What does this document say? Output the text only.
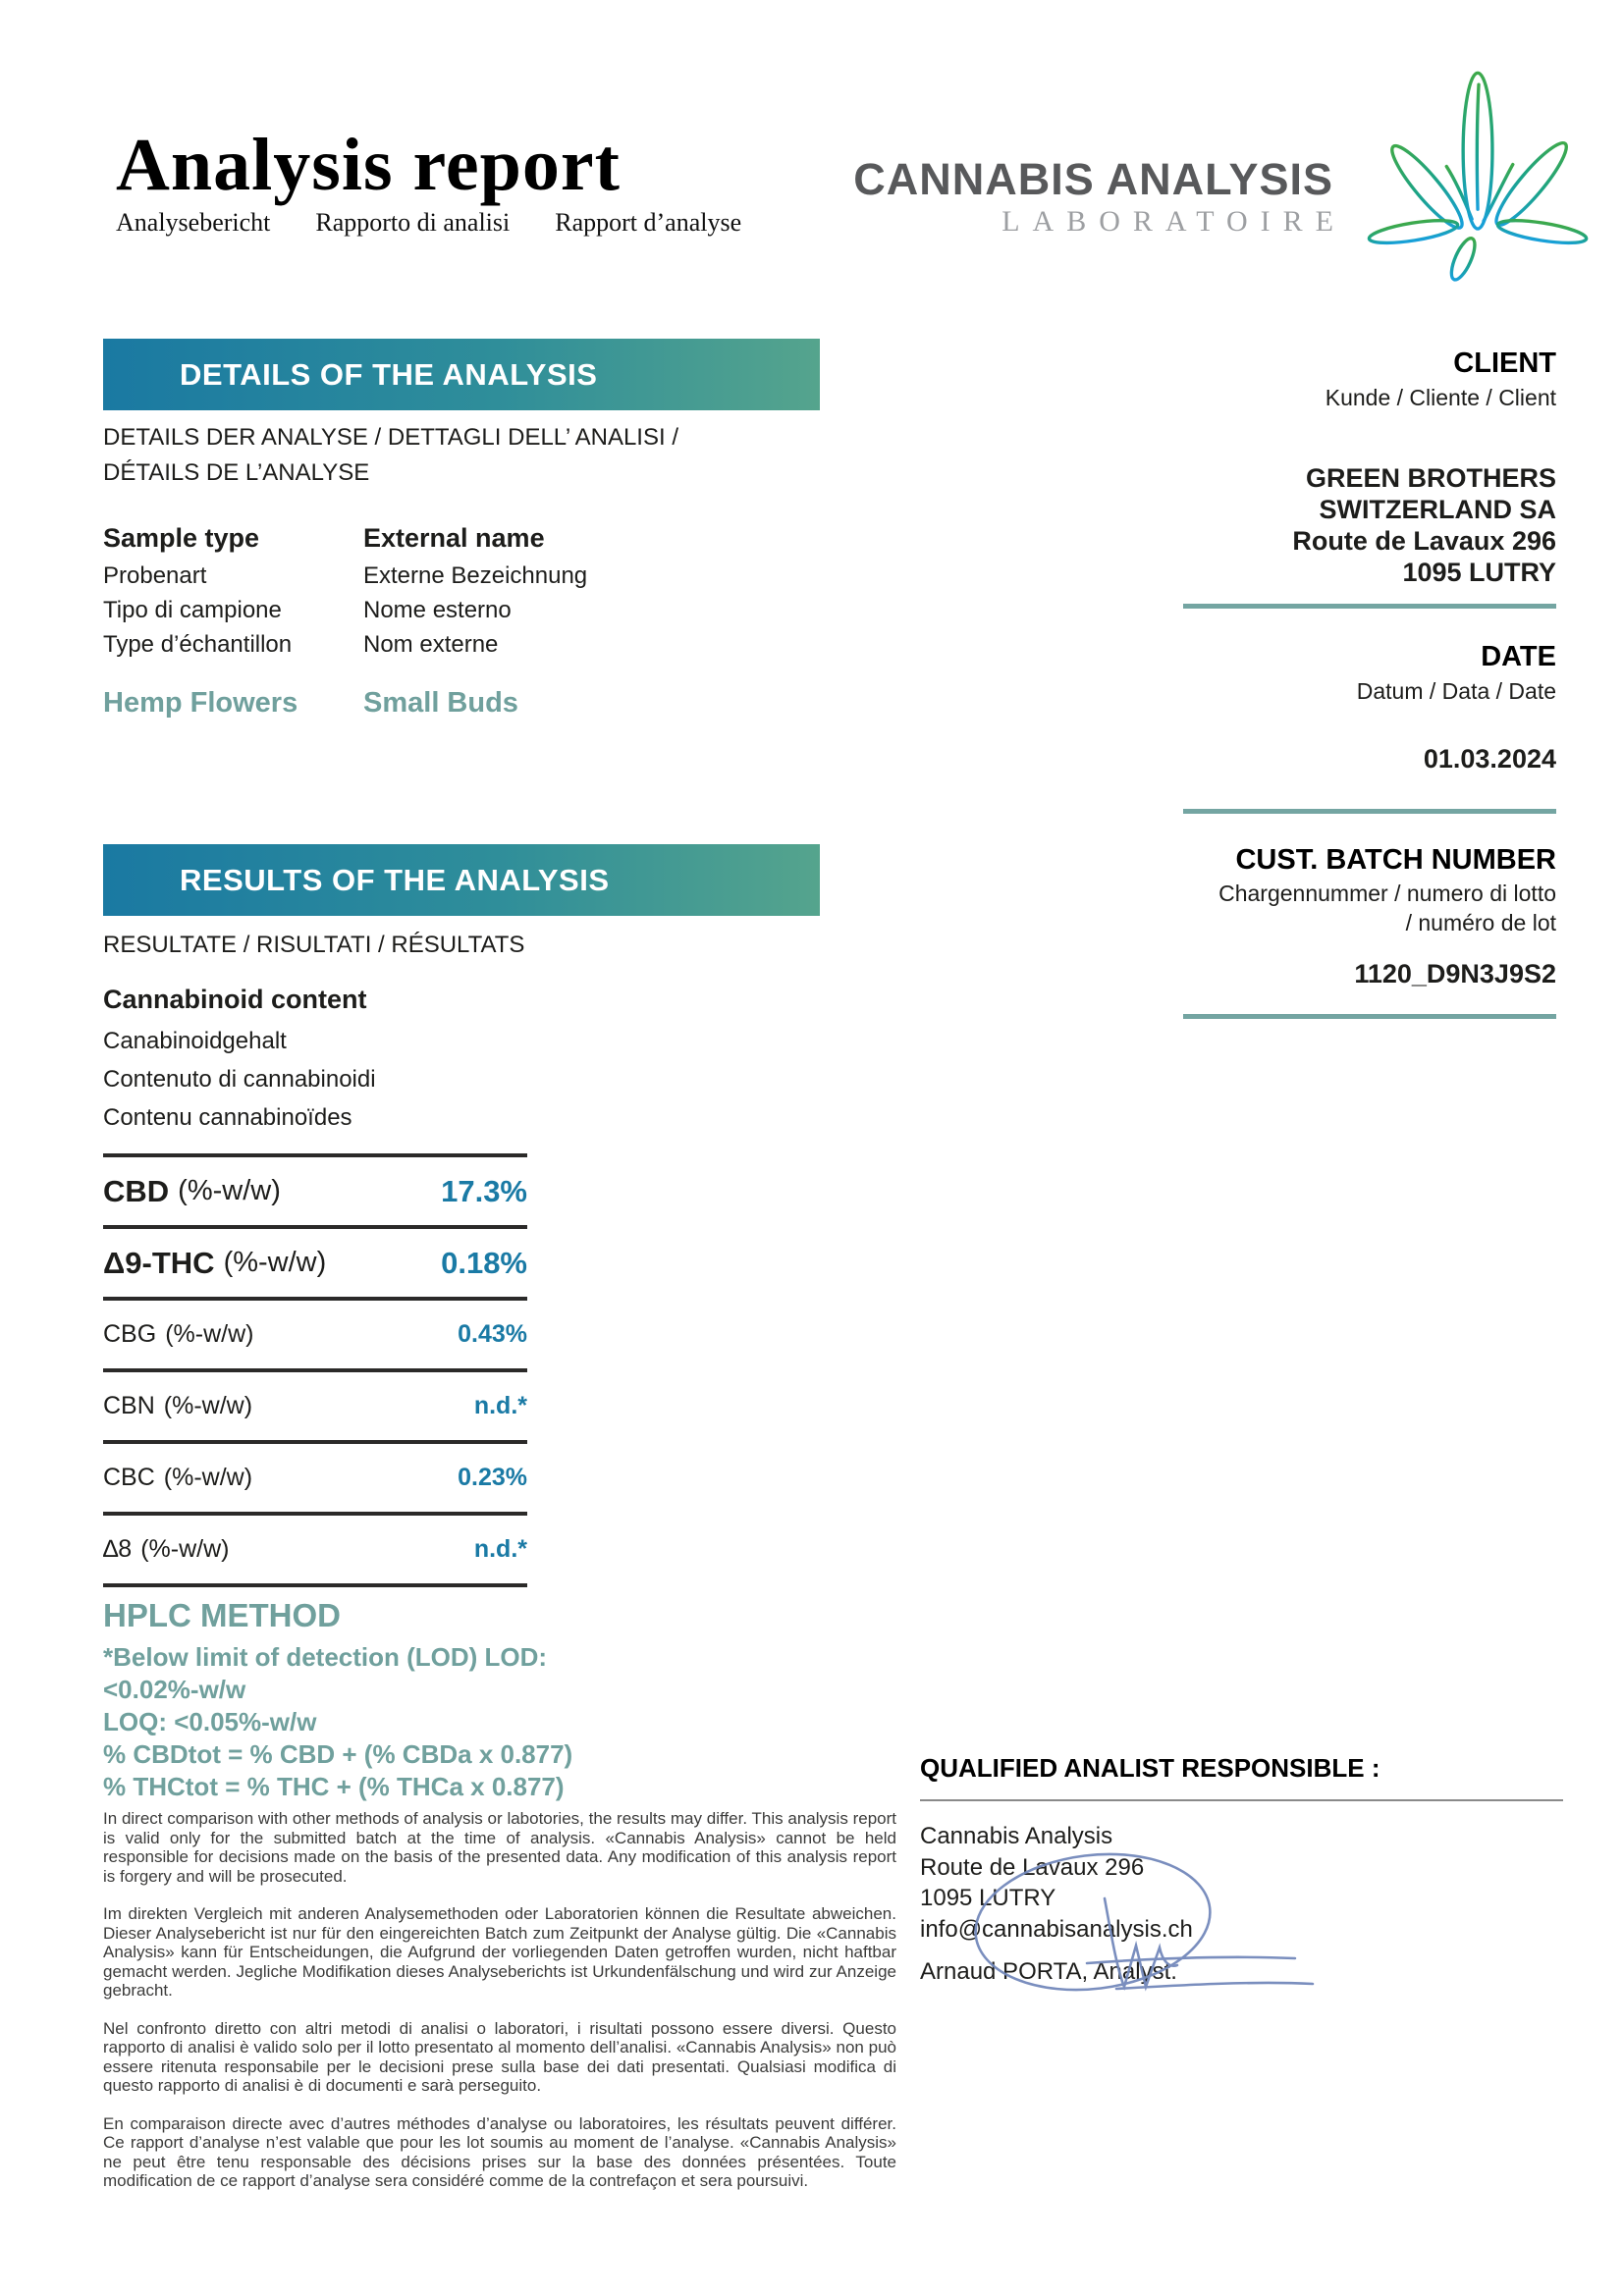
Analysis report
Analysebericht Rapporto di analisi Rapport d’analyse
CANNABIS ANALYSIS
LABORATOIRE
DETAILS OF THE ANALYSIS
DETAILS DER ANALYSE / DETTAGLI DELL’ ANALISI /
DÉTAILS DE L’ANALYSE
Sample type
Probenart
Tipo di campione
Type d’échantillon
Hemp Flowers
External name
Externe Bezeichnung
Nome esterno
Nom externe
Small Buds
CLIENT
Kunde / Cliente / Client
GREEN BROTHERS
SWITZERLAND SA
Route de Lavaux 296
1095 LUTRY
DATE
Datum / Data / Date
01.03.2024
CUST. BATCH NUMBER
Chargennummer / numero di lotto
/ numéro de lot
1120_D9N3J9S2
RESULTS OF THE ANALYSIS
RESULTATE / RISULTATI / RÉSULTATS
Cannabinoid content
Canabinoidgehalt
Contenuto di cannabinoidi
Contenu cannabinoïdes
CBD (%-w/w)	17.3%
Δ9-THC (%-w/w)	0.18%
CBG (%-w/w)	0.43%
CBN (%-w/w)	n.d.*
CBC (%-w/w)	0.23%
∆8 (%-w/w)	n.d.*
HPLC METHOD
*Below limit of detection (LOD) LOD:
<0.02%-w/w
LOQ: <0.05%-w/w
% CBDtot = % CBD + (% CBDa x 0.877)
% THCtot = % THC + (% THCa x 0.877)

In direct comparison with other methods of analysis or labotories, the results may differ. This analysis report is valid only for the submitted batch at the time of analysis. «Cannabis Analysis» cannot be held responsible for decisions made on the basis of the presented data. Any modification of this analysis report is forgery and will be prosecuted.

Im direkten Vergleich mit anderen Analysemethoden oder Laboratorien können die Resultate abweichen. Dieser Analysebericht ist nur für den eingereichten Batch zum Zeitpunkt der Analyse gültig. Die «Cannabis Analysis» kann für Entscheidungen, die Aufgrund der vorliegenden Daten getroffen wurden, nicht haftbar gemacht werden. Jegliche Modifikation dieses Analyseberichts ist Urkundenfälschung und wird zur Anzeige gebracht.

Nel confronto diretto con altri metodi di analisi o laboratori, i risultati possono essere diversi. Questo rapporto di analisi è valido solo per il lotto presentato al momento dell’analisi. «Cannabis Analysis» non può essere ritenuta responsabile per le decisioni prese sulla base dei dati presentati. Qualsiasi modifica di questo rapporto di analisi è di documenti e sarà perseguito.

En comparaison directe avec d’autres méthodes d’analyse ou laboratoires, les résultats peuvent différer. Ce rapport d’analyse n’est valable que pour les lot soumis au moment de l’analyse. «Cannabis Analysis» ne peut être tenu responsable des décisions prises sur la base des données présentées. Toute modification de ce rapport d’analyse sera considéré comme de la contrefaçon et sera poursuivi.

QUALIFIED ANALIST RESPONSIBLE :
Cannabis Analysis
Route de Lavaux 296
1095 LUTRY
info@cannabisanalysis.ch
Arnaud PORTA, Analyst.
